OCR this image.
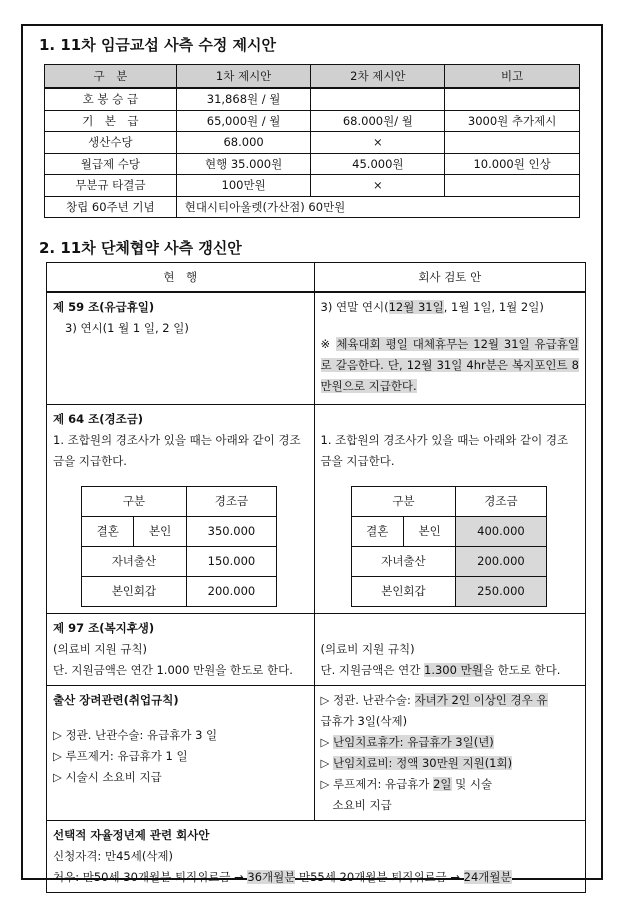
1. 11차 임금교섭 사측 수정 제시안
구　분	1차 제시안	2차 제시안	비고
호 봉 승 급	31,868원 / 월		
기　본　급	65,000원 / 월	68.000원/ 월	3000원 추가제시
생산수당	68.000	×	
월급제 수당	현행 35.000원	45.000원	10.000원 인상
무분규 타결금	100만원	×	
창립 60주년 기념	현대시티아울렛(가산점) 60만원		
2. 11차 단체협약 사측 갱신안
현　행	회사 검토 안

제 59 조(유급휴일)
3) 연시(1 월 1 일, 2 일)

3) 연말 연시(12월 31일, 1월 1일, 1월 2일)
※ 체육대회 평일 대체휴무는 12월 31일 유급휴일로 갈음한다. 단, 12월 31일 4hr분은 복지포인트 8만원으로 지급한다.

제 64 조(경조금)
1. 조합원의 경조사가 있을 때는 아래와 같이 경조금을 지급한다.
구분	경조금
결혼	본인	350.000
자녀출산	150.000
본인회갑	200.000

1. 조합원의 경조사가 있을 때는 아래와 같이 경조금을 지급한다.
구분	경조금
결혼	본인	400.000
자녀출산	200.000
본인회갑	250.000

제 97 조(복지후생)
(의료비 지원 규칙)
단. 지원금액은 연간 1.000 만원을 한도로 한다.

(의료비 지원 규칙)
단. 지원금액은 연간 1.300 만원을 한도로 한다.

출산 장려관련(취업규칙)
▷ 정관. 난관수술: 유급휴가 3 일
▷ 루프제거: 유급휴가 1 일
▷ 시술시 소요비 지급

▷ 정관. 난관수술: 자녀가 2인 이상인 경우 유
급휴가 3일(삭제)
▷ 난임치료휴가: 유급휴가 3일(년)
▷ 난임치료비: 정액 30만원 지원(1회)
▷ 루프제거: 유급휴가 2일 및 시술
소요비 지급

선택적 자율정년제 관련 회사안
신청자격: 만45세(삭제)
처우: 만50세 30개월분 퇴직위로금 → 36개월분 만55세 20개월분 퇴직위로금 → 24개월분
